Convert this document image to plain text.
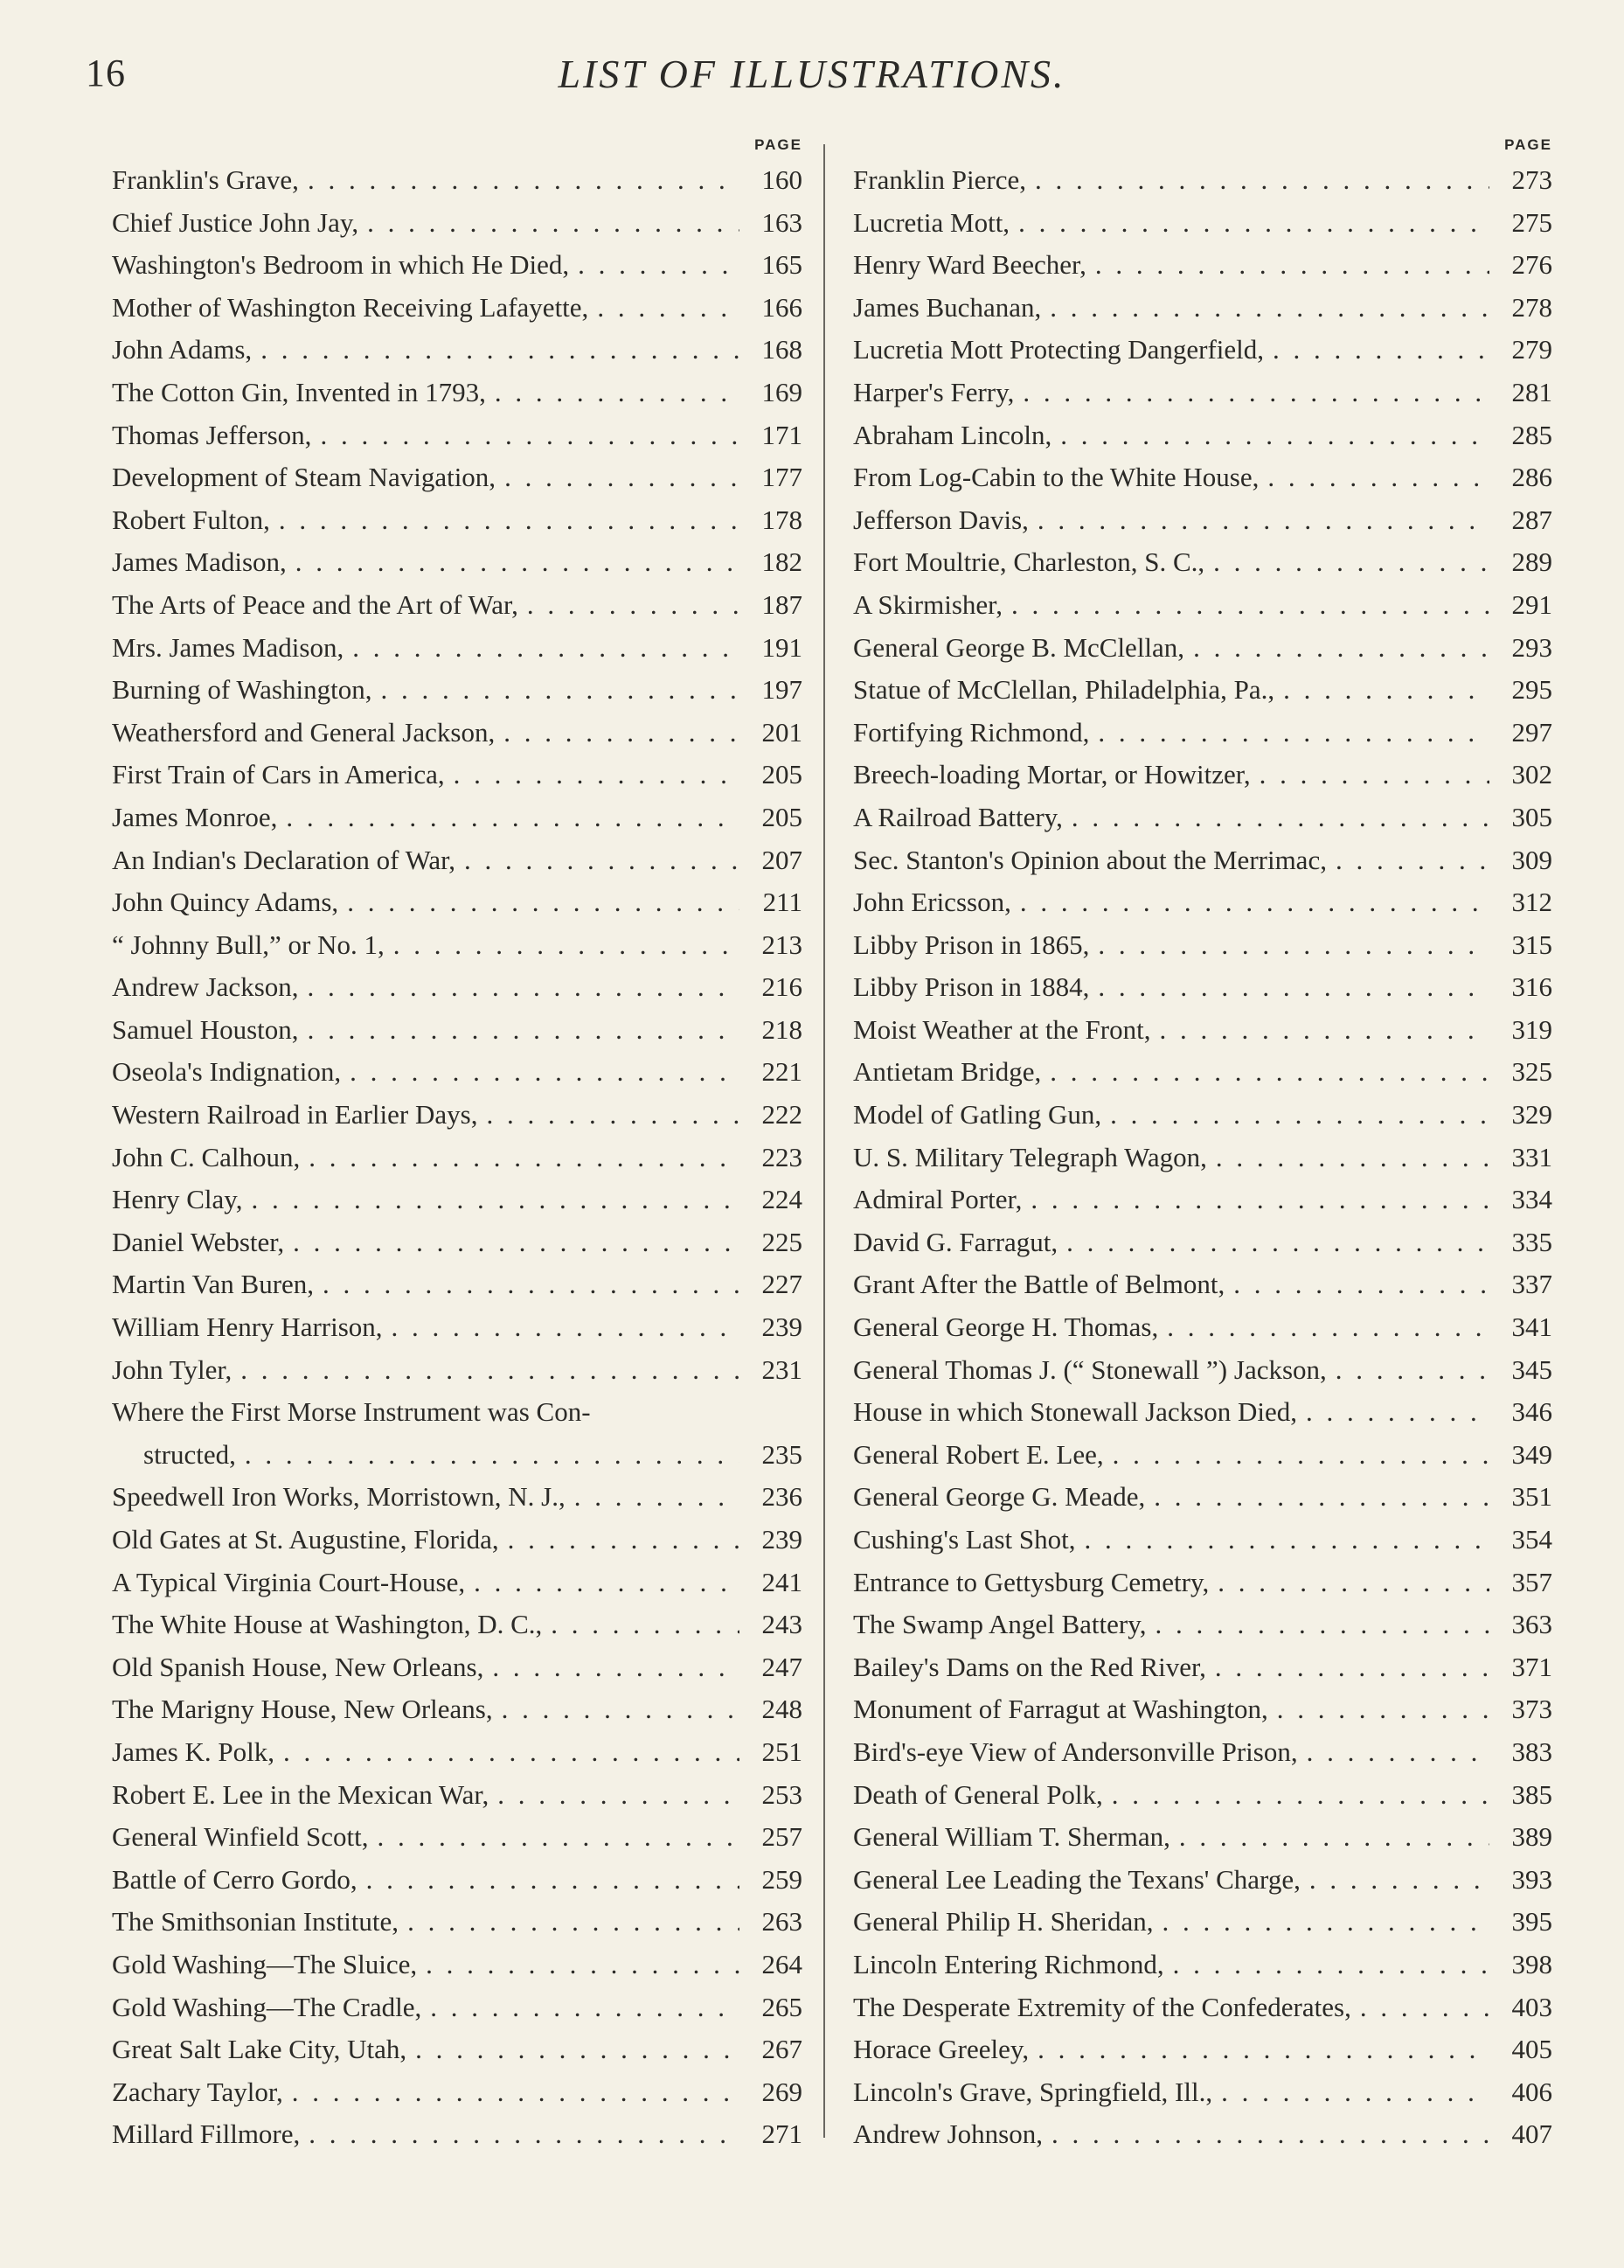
16	LIST OF ILLUSTRATIONS.
PAGE
Franklin's Grave, . . .	160
Chief Justice John Jay, . . .	163
Washington's Bedroom in which He Died, . . .	165
Mother of Washington Receiving Lafayette, . . .	166
John Adams, . . .	168
The Cotton Gin, Invented in 1793, . . .	169
Thomas Jefferson, . . .	171
Development of Steam Navigation, . . .	177
Robert Fulton, . . .	178
James Madison, . . .	182
The Arts of Peace and the Art of War, . . .	187
Mrs. James Madison, . . .	191
Burning of Washington, . . .	197
Weathersford and General Jackson, . . .	201
First Train of Cars in America, . . .	205
James Monroe, . . .	205
An Indian's Declaration of War, . . .	207
John Quincy Adams, . . .	211
“ Johnny Bull,” or No. 1, . . .	213
Andrew Jackson, . . .	216
Samuel Houston, . . .	218
Oseola's Indignation, . . .	221
Western Railroad in Earlier Days, . . .	222
John C. Calhoun, . . .	223
Henry Clay, . . .	224
Daniel Webster, . . .	225
Martin Van Buren, . . .	227
William Henry Harrison, . . .	239
John Tyler, . . .	231
Where the First Morse Instrument was Con-
structed, . . .	235
Speedwell Iron Works, Morristown, N. J., . . .	236
Old Gates at St. Augustine, Florida, . . .	239
A Typical Virginia Court-House, . . .	241
The White House at Washington, D. C., . . .	243
Old Spanish House, New Orleans, . . .	247
The Marigny House, New Orleans, . . .	248
James K. Polk, . . .	251
Robert E. Lee in the Mexican War, . . .	253
General Winfield Scott, . . .	257
Battle of Cerro Gordo, . . .	259
The Smithsonian Institute, . . .	263
Gold Washing—The Sluice, . . .	264
Gold Washing—The Cradle, . . .	265
Great Salt Lake City, Utah, . . .	267
Zachary Taylor, . . .	269
Millard Fillmore, . . .	271
PAGE
Franklin Pierce, . . .	273
Lucretia Mott, . . .	275
Henry Ward Beecher, . . .	276
James Buchanan, . . .	278
Lucretia Mott Protecting Dangerfield, . . .	279
Harper's Ferry, . . .	281
Abraham Lincoln, . . .	285
From Log-Cabin to the White House, . . .	286
Jefferson Davis, . . .	287
Fort Moultrie, Charleston, S. C., . . .	289
A Skirmisher, . . .	291
General George B. McClellan, . . .	293
Statue of McClellan, Philadelphia, Pa., . . .	295
Fortifying Richmond, . . .	297
Breech-loading Mortar, or Howitzer, . . .	302
A Railroad Battery, . . .	305
Sec. Stanton's Opinion about the Merrimac, . . .	309
John Ericsson, . . .	312
Libby Prison in 1865, . . .	315
Libby Prison in 1884, . . .	316
Moist Weather at the Front, . . .	319
Antietam Bridge, . . .	325
Model of Gatling Gun, . . .	329
U. S. Military Telegraph Wagon, . . .	331
Admiral Porter, . . .	334
David G. Farragut, . . .	335
Grant After the Battle of Belmont, . . .	337
General George H. Thomas, . . .	341
General Thomas J. (“ Stonewall ”) Jackson, . . .	345
House in which Stonewall Jackson Died, . . .	346
General Robert E. Lee, . . .	349
General George G. Meade, . . .	351
Cushing's Last Shot, . . .	354
Entrance to Gettysburg Cemetry, . . .	357
The Swamp Angel Battery, . . .	363
Bailey's Dams on the Red River, . . .	371
Monument of Farragut at Washington, . . .	373
Bird's-eye View of Andersonville Prison, . . .	383
Death of General Polk, . . .	385
General William T. Sherman, . . .	389
General Lee Leading the Texans' Charge, . . .	393
General Philip H. Sheridan, . . .	395
Lincoln Entering Richmond, . . .	398
The Desperate Extremity of the Confederates, . . .	403
Horace Greeley, . . .	405
Lincoln's Grave, Springfield, Ill., . . .	406
Andrew Johnson, . . .	407
